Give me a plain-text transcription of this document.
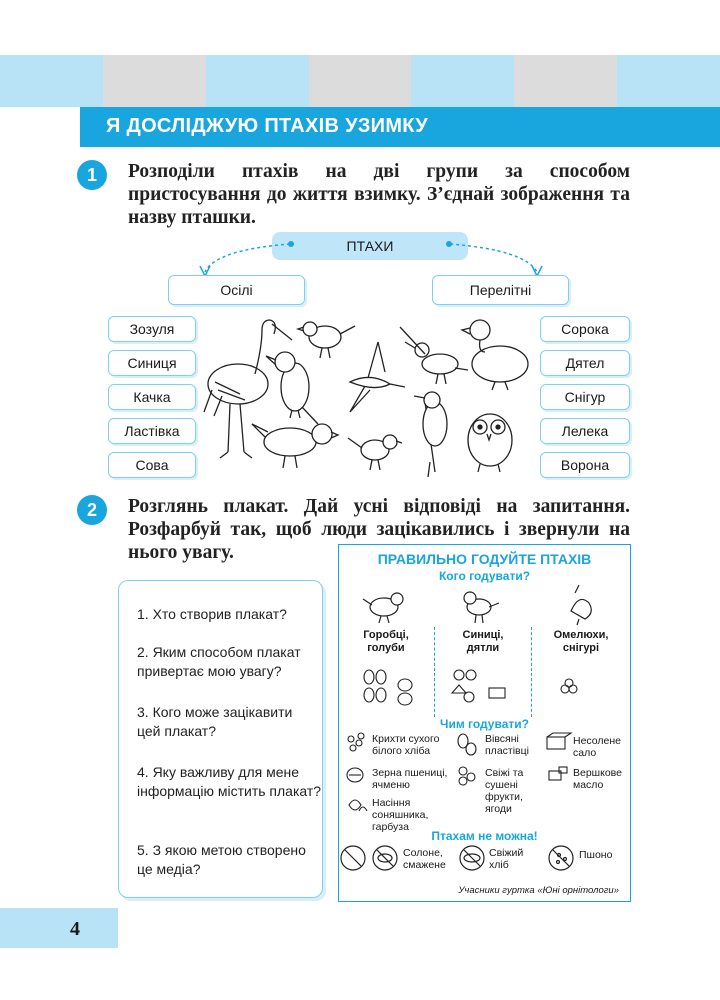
Я ДОСЛІДЖУЮ ПТАХІВ УЗИМКУ
1	Розподіли птахів на дві групи за способом пристосування до життя взимку. З’єднай зображення та назву пташки.
ПТАХИ
Осілі	Перелітні
Зозуля
Синиця
Качка
Ластівка
Сова
Сорока
Дятел
Снігур
Лелека
Ворона
2	Розглянь плакат. Дай усні відповіді на запитання. Розфарбуй так, щоб люди зацікавились і звернули на нього увагу.
1. Хто створив плакат?
2. Яким способом плакат привертає мою увагу?
3. Кого може зацікавити цей плакат?
4. Яку важливу для мене інформацію містить плакат?
5. З якою метою створено це медіа?
ПРАВИЛЬНО ГОДУЙТЕ ПТАХІВ
Кого годувати?
Горобці, голуби
Синиці, дятли
Омелюхи, снігурі
Чим годувати?
Крихти сухого білого хліба
Вівсяні пластівці
Несолене сало
Зерна пшениці, ячменю
Свіжі та сушені фрукти, ягоди
Вершкове масло
Насіння соняшника, гарбуза
Птахам не можна!
Солоне, смажене
Свіжий хліб
Пшоно
Учасники гуртка «Юні орнітологи»
4
